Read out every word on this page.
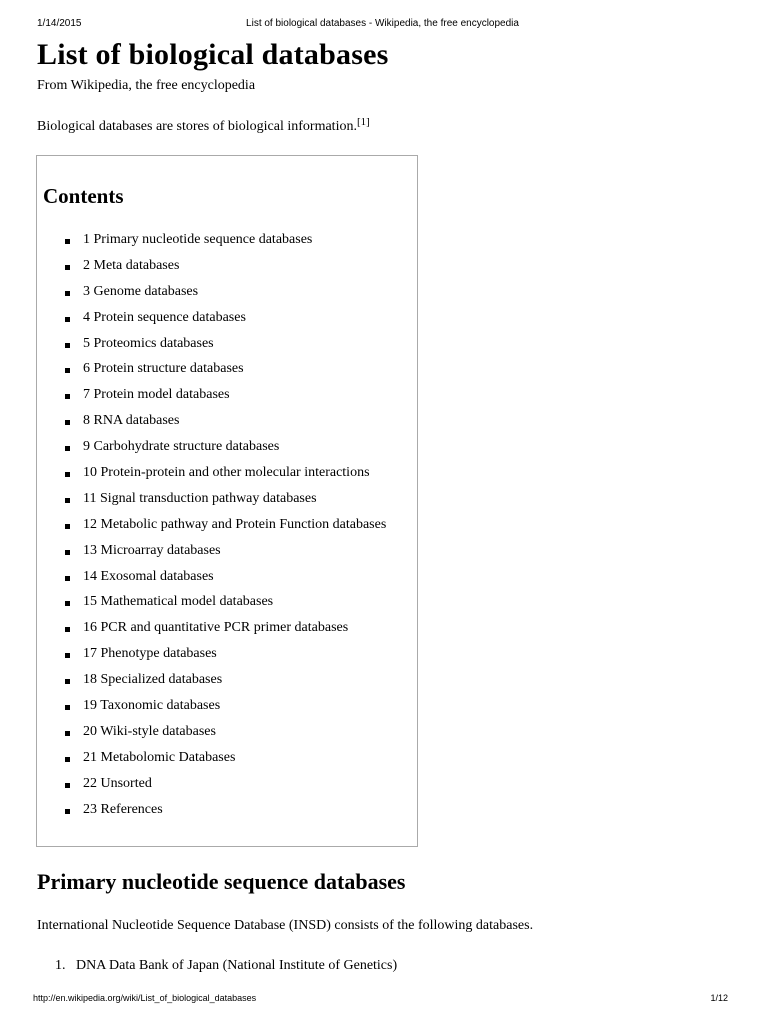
1/14/2015	List of biological databases - Wikipedia, the free encyclopedia
List of biological databases
From Wikipedia, the free encyclopedia
Biological databases are stores of biological information.[1]
Contents
1 Primary nucleotide sequence databases
2 Meta databases
3 Genome databases
4 Protein sequence databases
5 Proteomics databases
6 Protein structure databases
7 Protein model databases
8 RNA databases
9 Carbohydrate structure databases
10 Protein-protein and other molecular interactions
11 Signal transduction pathway databases
12 Metabolic pathway and Protein Function databases
13 Microarray databases
14 Exosomal databases
15 Mathematical model databases
16 PCR and quantitative PCR primer databases
17 Phenotype databases
18 Specialized databases
19 Taxonomic databases
20 Wiki-style databases
21 Metabolomic Databases
22 Unsorted
23 References
Primary nucleotide sequence databases
International Nucleotide Sequence Database (INSD) consists of the following databases.
1. DNA Data Bank of Japan (National Institute of Genetics)
http://en.wikipedia.org/wiki/List_of_biological_databases	1/12
